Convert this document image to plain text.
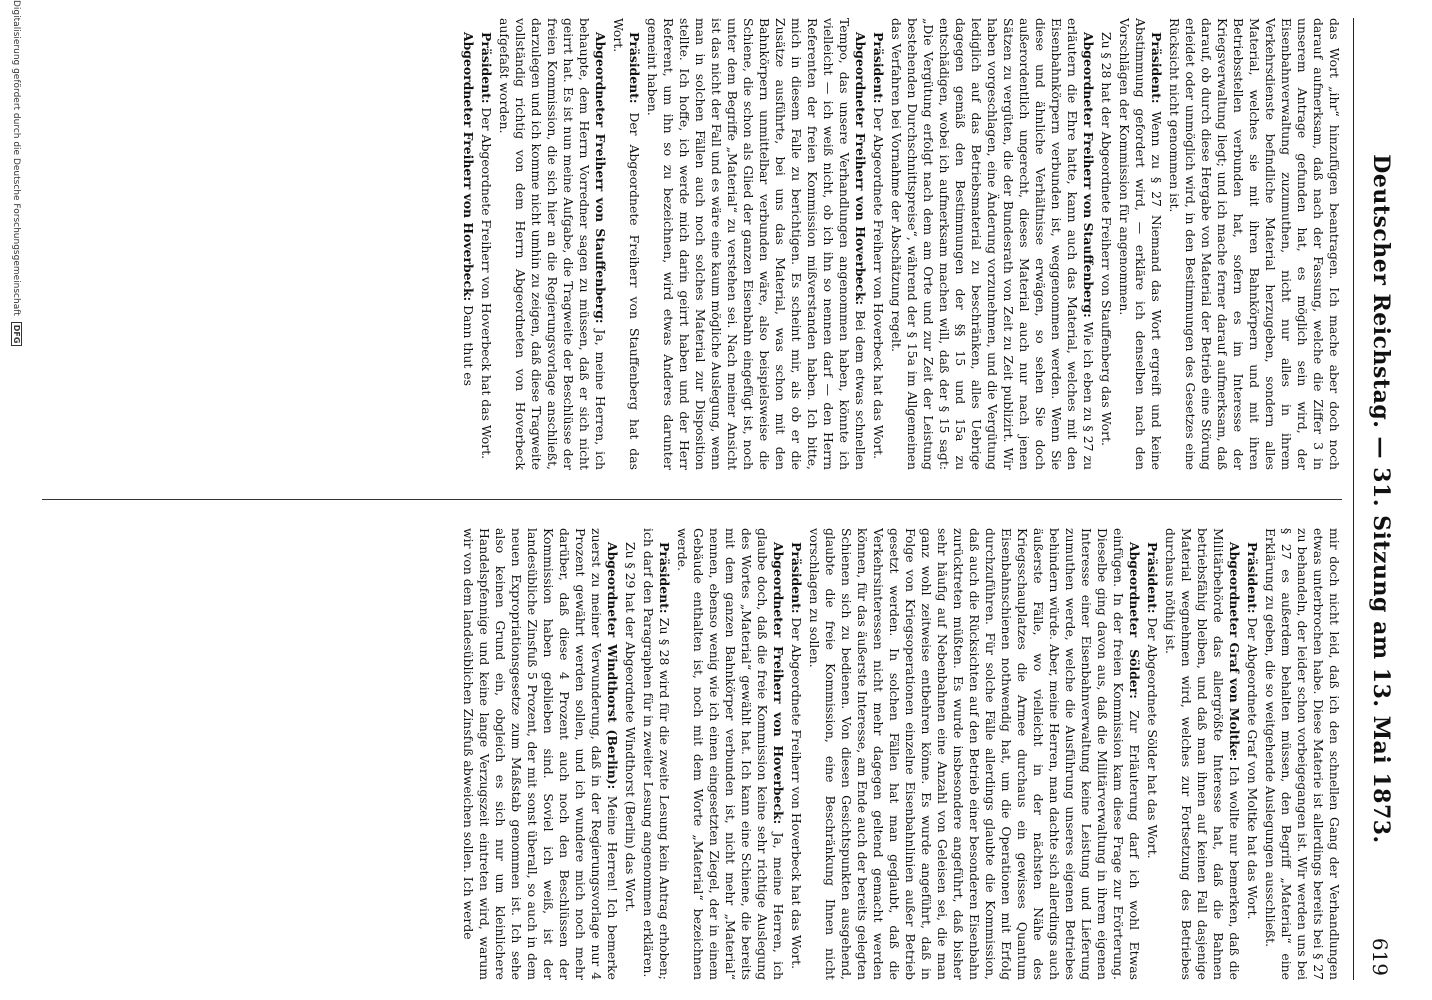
Deutscher Reichstag. — 31. Sitzung am 13. Mai 1873.
619

das Wort „ihr“ hinzufügen beantragen. Ich mache aber doch noch darauf aufmerksam, daß nach der Fassung, welche die Ziffer 3 in unserem Antrage gefunden hat, es möglich sein wird, der Eisenbahnverwaltung zuzumuthen, nicht nur alles in ihrem Verkehrsdienste befindliche Material herzugeben, sondern alles Material, welches sie mit ihren Bahnkörpern und mit ihren Betriebsstellen verbunden hat, sofern es im Interesse der Kriegsverwaltung liegt; und ich mache ferner darauf aufmerksam, daß darauf, ob durch diese Hergabe von Material der Betrieb eine Störung erleidet oder unmöglich wird, in den Bestimmungen des Gesetzes eine Rücksicht nicht genommen ist.

Präsident: Wenn zu § 27 Niemand das Wort ergreift und keine Abstimmung gefordert wird, — erkläre ich denselben nach den Vorschlägen der Kommission für angenommen.

Zu § 28 hat der Abgeordnete Freiherr von Stauffenberg das Wort.

Abgeordneter Freiherr von Stauffenberg: Wie ich eben zu § 27 zu erläutern die Ehre hatte, kann auch das Material, welches mit den Eisenbahnkörpern verbunden ist, weggenommen werden. Wenn Sie diese und ähnliche Verhältnisse erwägen, so sehen Sie doch außerordentlich ungerecht, dieses Material auch nur nach jenen Sätzen zu vergüten, die der Bundesrath von Zeit zu Zeit publizirt. Wir haben vorgeschlagen, eine Änderung vorzunehmen, und die Vergütung lediglich auf das Betriebsmaterial zu beschränken, alles Uebrige dagegen gemäß den Bestimmungen der §§ 15 und 15a zu entschädigen, wobei ich aufmerksam machen will, daß der § 15 sagt: „Die Vergütung erfolgt nach dem am Orte und zur Zeit der Leistung bestehenden Durchschnittspreise“, während der § 15a im Allgemeinen das Verfahren bei Vornahme der Abschätzung regelt.

Präsident: Der Abgeordnete Freiherr von Hoverbeck hat das Wort.

Abgeordneter Freiherr von Hoverbeck: Bei dem etwas schnellen Tempo, das unsere Verhandlungen angenommen haben, könnte ich vielleicht — ich weiß nicht, ob ich ihn so nennen darf — den Herrn Referenten der freien Kommission mißverstanden haben. Ich bitte, mich in diesem Falle zu berichtigen. Es scheint mir, als ob er die Zusätze ausführte, bei uns das Material, was schon mit den Bahnkörpern unmittelbar verbunden wäre, also beispielsweise die Schiene, die schon als Glied der ganzen Eisenbahn eingefügt ist, noch unter dem Begriffe „Material“ zu verstehen sei. Nach meiner Ansicht ist das nicht der Fall und es wäre eine kaum mögliche Auslegung, wenn man in solchen Fällen auch noch solches Material zur Disposition stellte. Ich hoffe, ich werde mich darin geirrt haben und der Herr Referent, um ihn so zu bezeichnen, wird etwas Anderes darunter gemeint haben.

Präsident: Der Abgeordnete Freiherr von Stauffenberg hat das Wort.

Abgeordneter Freiherr von Stauffenberg: Ja, meine Herren, ich behaupte, dem Herrn Vorredner sagen zu müssen, daß er sich nicht geirrt hat. Es ist nun meine Aufgabe, die Tragweite der Beschlüsse der freien Kommission, die sich hier an die Regierungsvorlage anschließt, darzulegen und ich komme nicht umhin zu zeigen, daß diese Tragweite vollständig richtig von dem Herrn Abgeordneten von Hoverbeck aufgefaßt worden.

Präsident: Der Abgeordnete Freiherr von Hoverbeck hat das Wort.

Abgeordneter Freiherr von Hoverbeck: Dann thut es

mir doch nicht leid, daß ich den schnellen Gang der Verhandlungen etwas unterbrochen habe. Diese Materie ist allerdings bereits bei § 27 zu behandeln, der leider schon vorbeigegangen ist. Wir werden uns bei § 27 es außerdem behalten müssen, den Begriff „Material“ eine Erklärung zu geben, die so weitgehende Auslegungen ausschließt.

Präsident: Der Abgeordnete Graf von Moltke hat das Wort.

Abgeordneter Graf von Moltke: Ich wollte nur bemerken, daß die Militärbehörde das allergrößte Interesse hat, daß die Bahnen betriebsfähig bleiben, und daß man ihnen auf keinen Fall dasjenige Material wegnehmen wird, welches zur Fortsetzung des Betriebes durchaus nöthig ist.

Präsident: Der Abgeordnete Sölder hat das Wort.

Abgeordneter Sölder: Zur Erläuterung darf ich wohl Etwas einfügen. In der freien Kommission kam diese Frage zur Erörterung. Dieselbe ging davon aus, daß die Militärverwaltung in ihrem eigenen Interesse einer Eisenbahnverwaltung keine Leistung und Lieferung zumuthen werde, welche die Ausführung unseres eigenen Betriebes behindern würde. Aber, meine Herren, man dachte sich allerdings auch äußerste Fälle, wo vielleicht in der nächsten Nähe des Kriegsschauplatzes die Armee durchaus ein gewisses Quantum Eisenbahnschienen nothwendig hat, um die Operationen mit Erfolg durchzuführen. Für solche Fälle allerdings glaubte die Kommission, daß auch die Rücksichten auf den Betrieb einer besonderen Eisenbahn zurücktreten müßten. Es wurde insbesondere angeführt, daß bisher sehr häufig auf Nebenbahnen eine Anzahl von Geleisen sei, die man ganz wohl zeitweise entbehren könne. Es wurde angeführt, daß in Folge von Kriegsoperationen einzelne Eisenbahnlinien außer Betrieb gesetzt werden. In solchen Fällen hat man geglaubt, daß die Verkehrsinteressen nicht mehr dagegen geltend gemacht werden können, für das äußerste Interesse, am Ende auch der bereits gelegten Schienen sich zu bedienen. Von diesen Gesichtspunkten ausgehend, glaubte die freie Kommission, eine Beschränkung Ihnen nicht vorschlagen zu sollen.

Präsident: Der Abgeordnete Freiherr von Hoverbeck hat das Wort.

Abgeordneter Freiherr von Hoverbeck: Ja, meine Herren, ich glaube doch, daß die freie Kommission keine sehr richtige Auslegung des Wortes „Material“ gewählt hat. Ich kann eine Schiene, die bereits mit dem ganzen Bahnkörper verbunden ist, nicht mehr „Material“ nennen, ebenso wenig wie ich einen eingesetzten Ziegel, der in einem Gebäude enthalten ist, noch mit dem Worte „Material“ bezeichnen werde.

Präsident: Zu § 28 wird für die zweite Lesung kein Antrag erhoben; ich darf den Paragraphen für in zweiter Lesung angenommen erklären.

Zu § 29 hat der Abgeordnete Windthorst (Berlin) das Wort.

Abgeordneter Windthorst (Berlin): Meine Herren! Ich bemerke zuerst zu meiner Verwunderung, daß in der Regierungsvorlage nur 4 Prozent gewährt werden sollen, und ich wundere mich noch mehr darüber, daß diese 4 Prozent auch noch den Beschlüssen der Kommission haben geblieben sind. Soviel ich weiß, ist der landesübliche Zinsfuß 5 Prozent, der mit sonst überall, so auch in dem neuen Expropriationsgesetze zum Maßstab genommen ist. Ich sehe also keinen Grund ein, obgleich es sich nur um kleinlichere Handelspfennige und keine lange Verzugszeit eintreten wird, warum wir von dem landesüblichen Zinsfuß abweichen sollen. Ich werde

Digitalisierung gefördert durch die Deutsche ForschungsgemeinschaftDFG
